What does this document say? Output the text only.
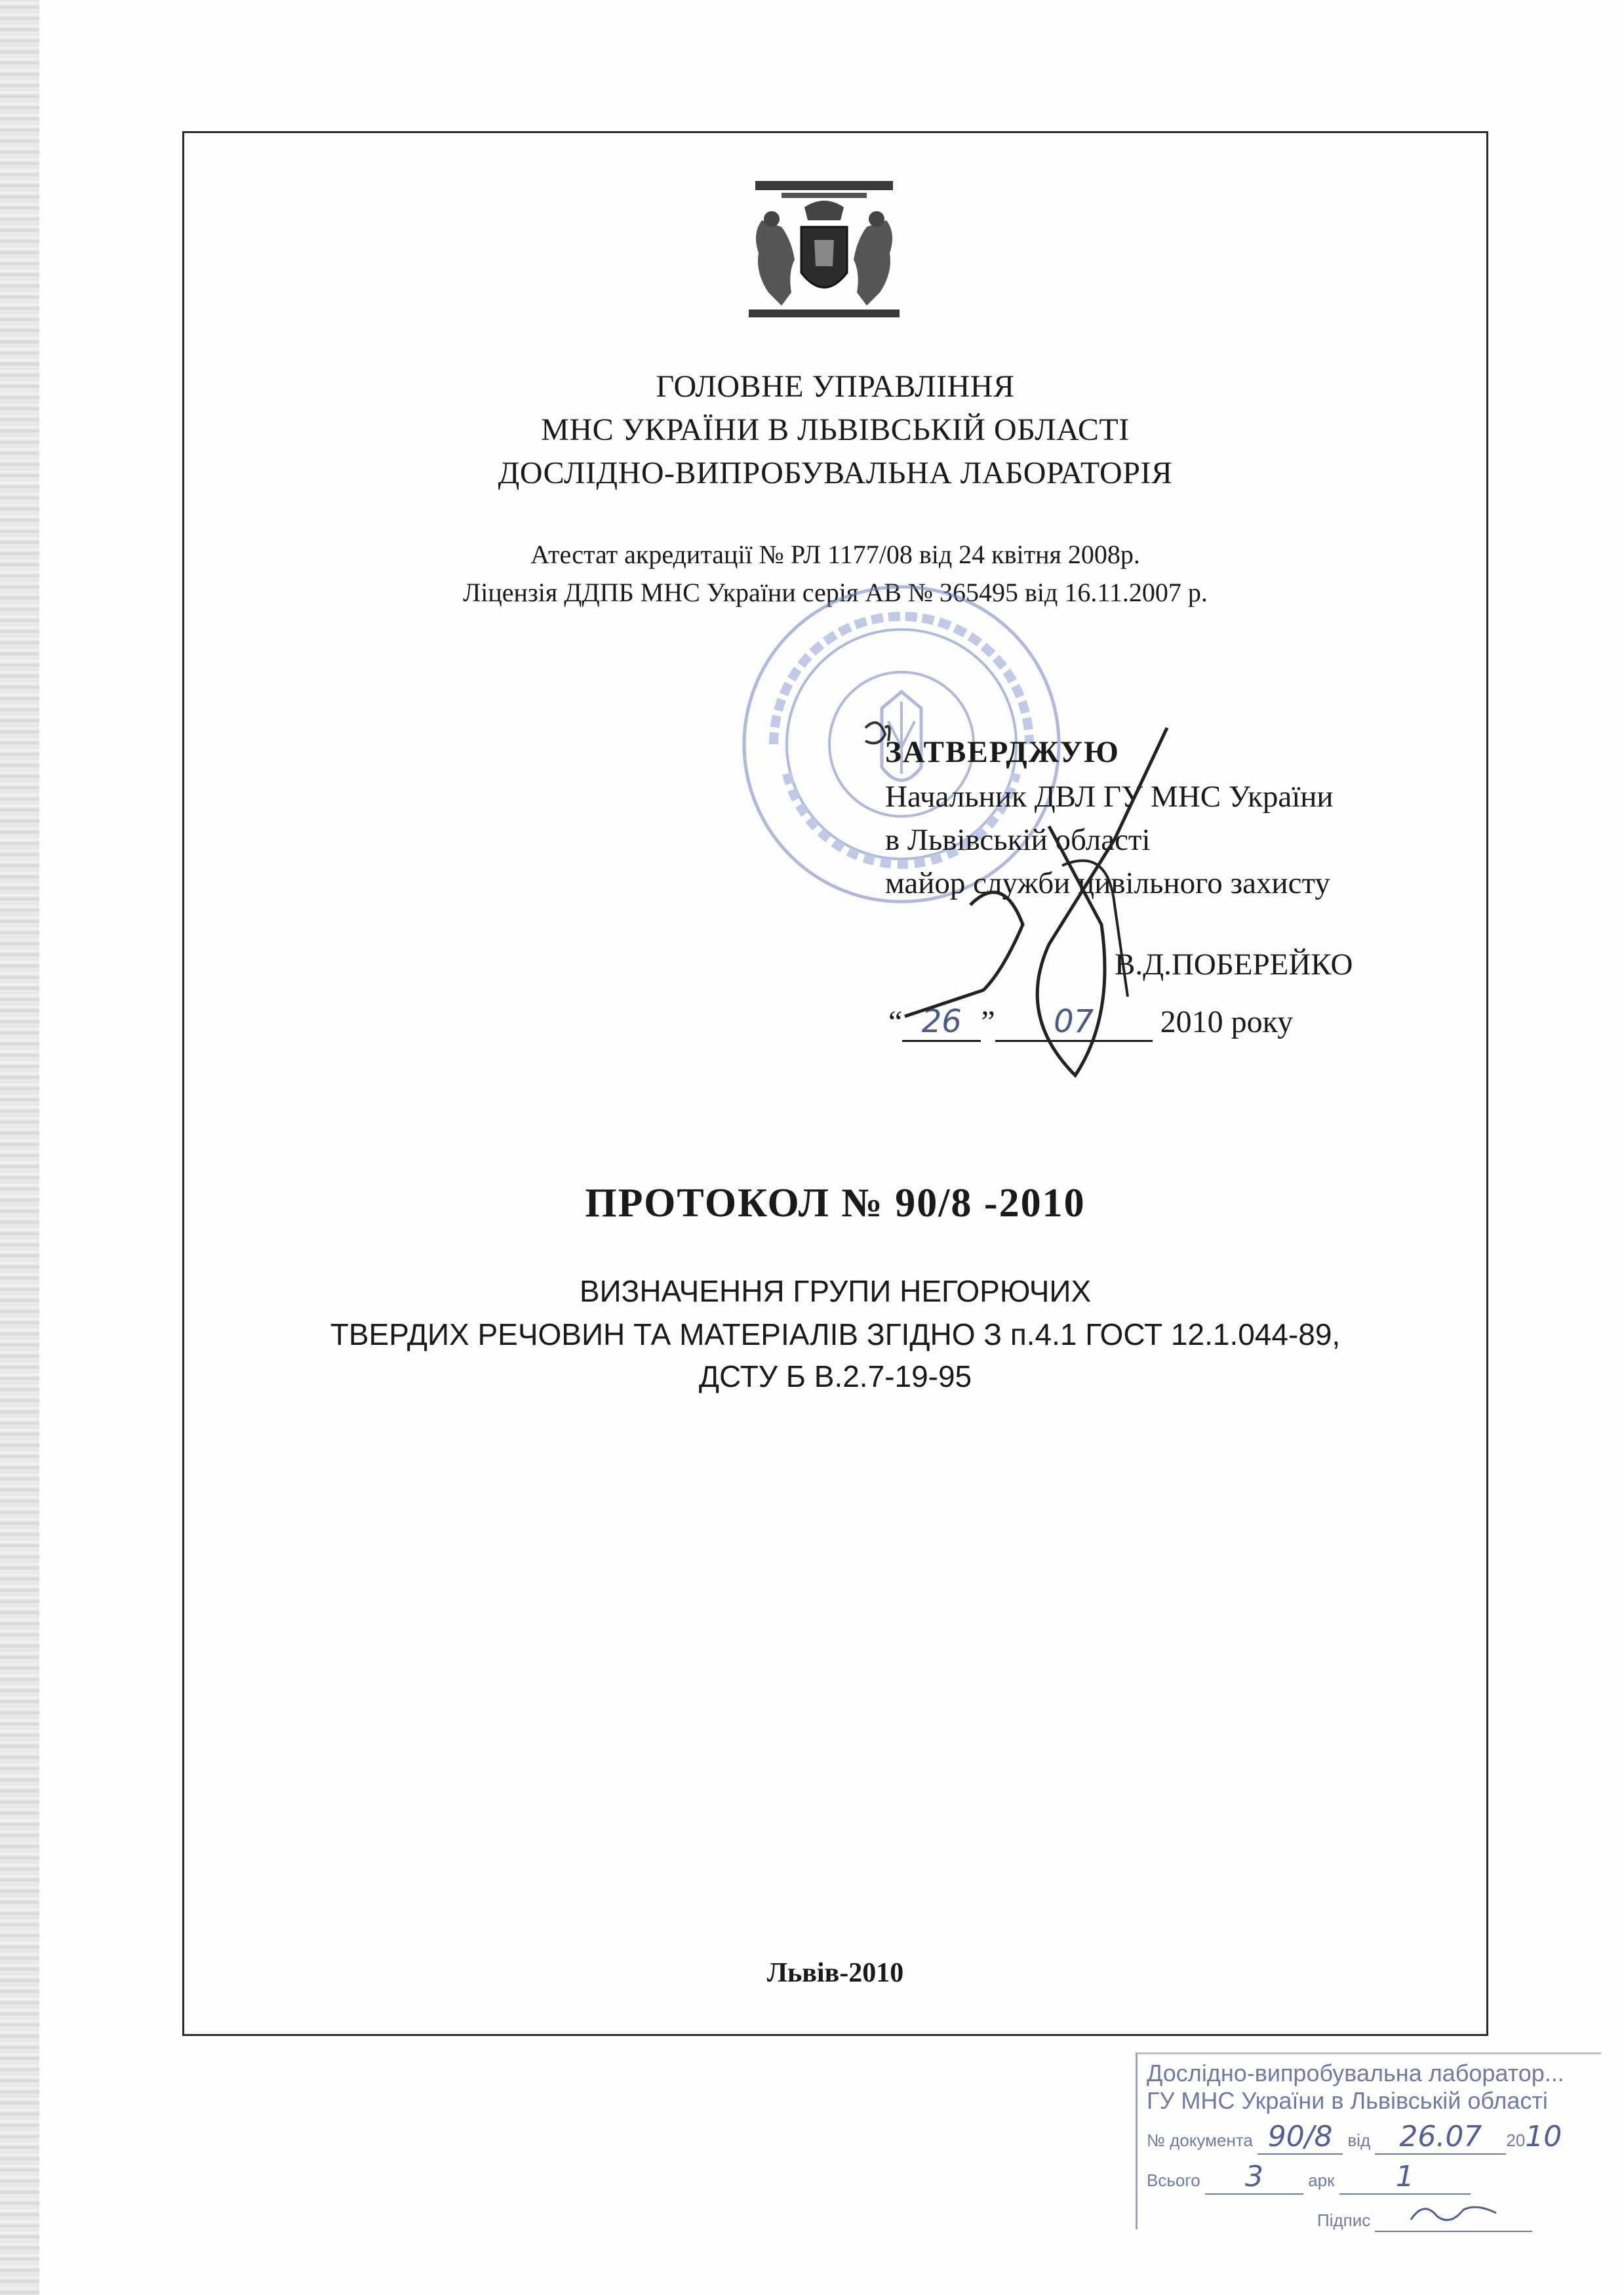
ГОЛОВНЕ УПРАВЛІННЯ
МНС УКРАЇНИ В ЛЬВІВСЬКІЙ ОБЛАСТІ
ДОСЛІДНО-ВИПРОБУВАЛЬНА ЛАБОРАТОРІЯ
Атестат акредитації № РЛ 1177/08 від 24 квітня 2008р.
Ліцензія ДДПБ МНС України серія АВ № 365495 від 16.11.2007 р.
ЗАТВЕРДЖУЮ
Начальник ДВЛ ГУ МНС України
в Львівській області
майор служби цивільного захисту
В.Д.ПОБЕРЕЙКО
“ 26 ” 07 2010 року
ПРОТОКОЛ № 90/8 -2010
ВИЗНАЧЕННЯ ГРУПИ НЕГОРЮЧИХ
ТВЕРДИХ РЕЧОВИН ТА МАТЕРІАЛІВ ЗГІДНО З п.4.1 ГОСТ 12.1.044-89,
ДСТУ Б В.2.7-19-95
Львів-2010
Дослідно-випробувальна лаборатор...
ГУ МНС України в Львівській області
№ документа 90/8 від 26.07 2010
Всього 3	арк 1
Підпис
